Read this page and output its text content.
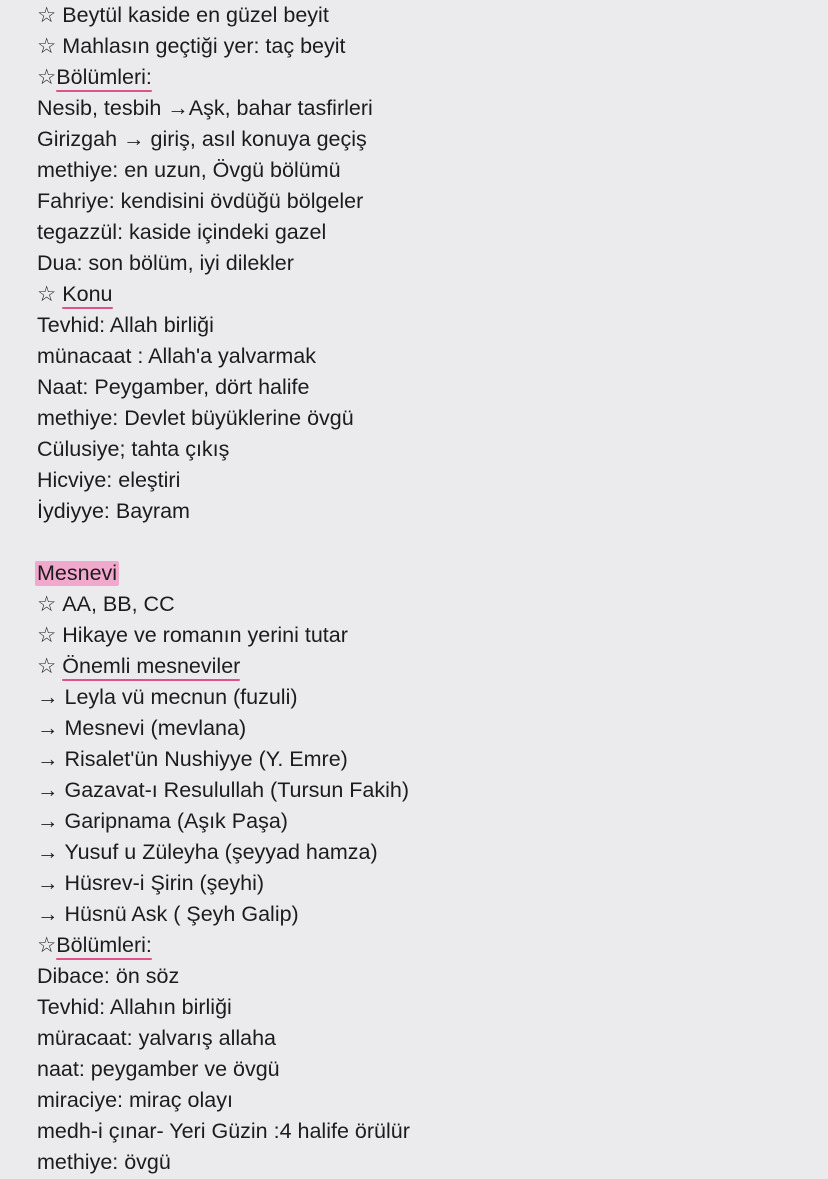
☆ Beytül kaside en güzel beyit
☆ Mahlasın geçtiği yer: taç beyit
☆Bölümleri:
Nesib, tesbih →Aşk, bahar tasfirleri
Girizgah → giriş, asıl konuya geçiş
methiye: en uzun, Övgü bölümü
Fahriye: kendisini övdüğü bölgeler
tegazzül: kaside içindeki gazel
Dua: son bölüm, iyi dilekler
☆ Konu
Tevhid: Allah birliği
münacaat : Allah'a yalvarmak
Naat: Peygamber, dört halife
methiye: Devlet büyüklerine övgü
Cülusiye; tahta çıkış
Hicviye: eleştiri
İydiyye: Bayram
Mesnevi
☆ AA, BB, CC
☆ Hikaye ve romanın yerini tutar
☆ Önemli mesneviler
→ Leyla vü mecnun (fuzuli)
→ Mesnevi (mevlana)
→ Risalet'ün Nushiyye (Y. Emre)
→ Gazavat-ı Resulullah (Tursun Fakih)
→ Garipnama (Aşık Paşa)
→ Yusuf u Züleyha (şeyyad hamza)
→ Hüsrev-i Şirin (şeyhi)
→ Hüsnü Ask ( Şeyh Galip)
☆Bölümleri:
Dibace: ön söz
Tevhid: Allahın birliği
müracaat: yalvarış allaha
naat: peygamber ve övgü
miraciye: miraç olayı
medh-i çınar- Yeri Güzin :4 halife örülür
methiye: övgü
